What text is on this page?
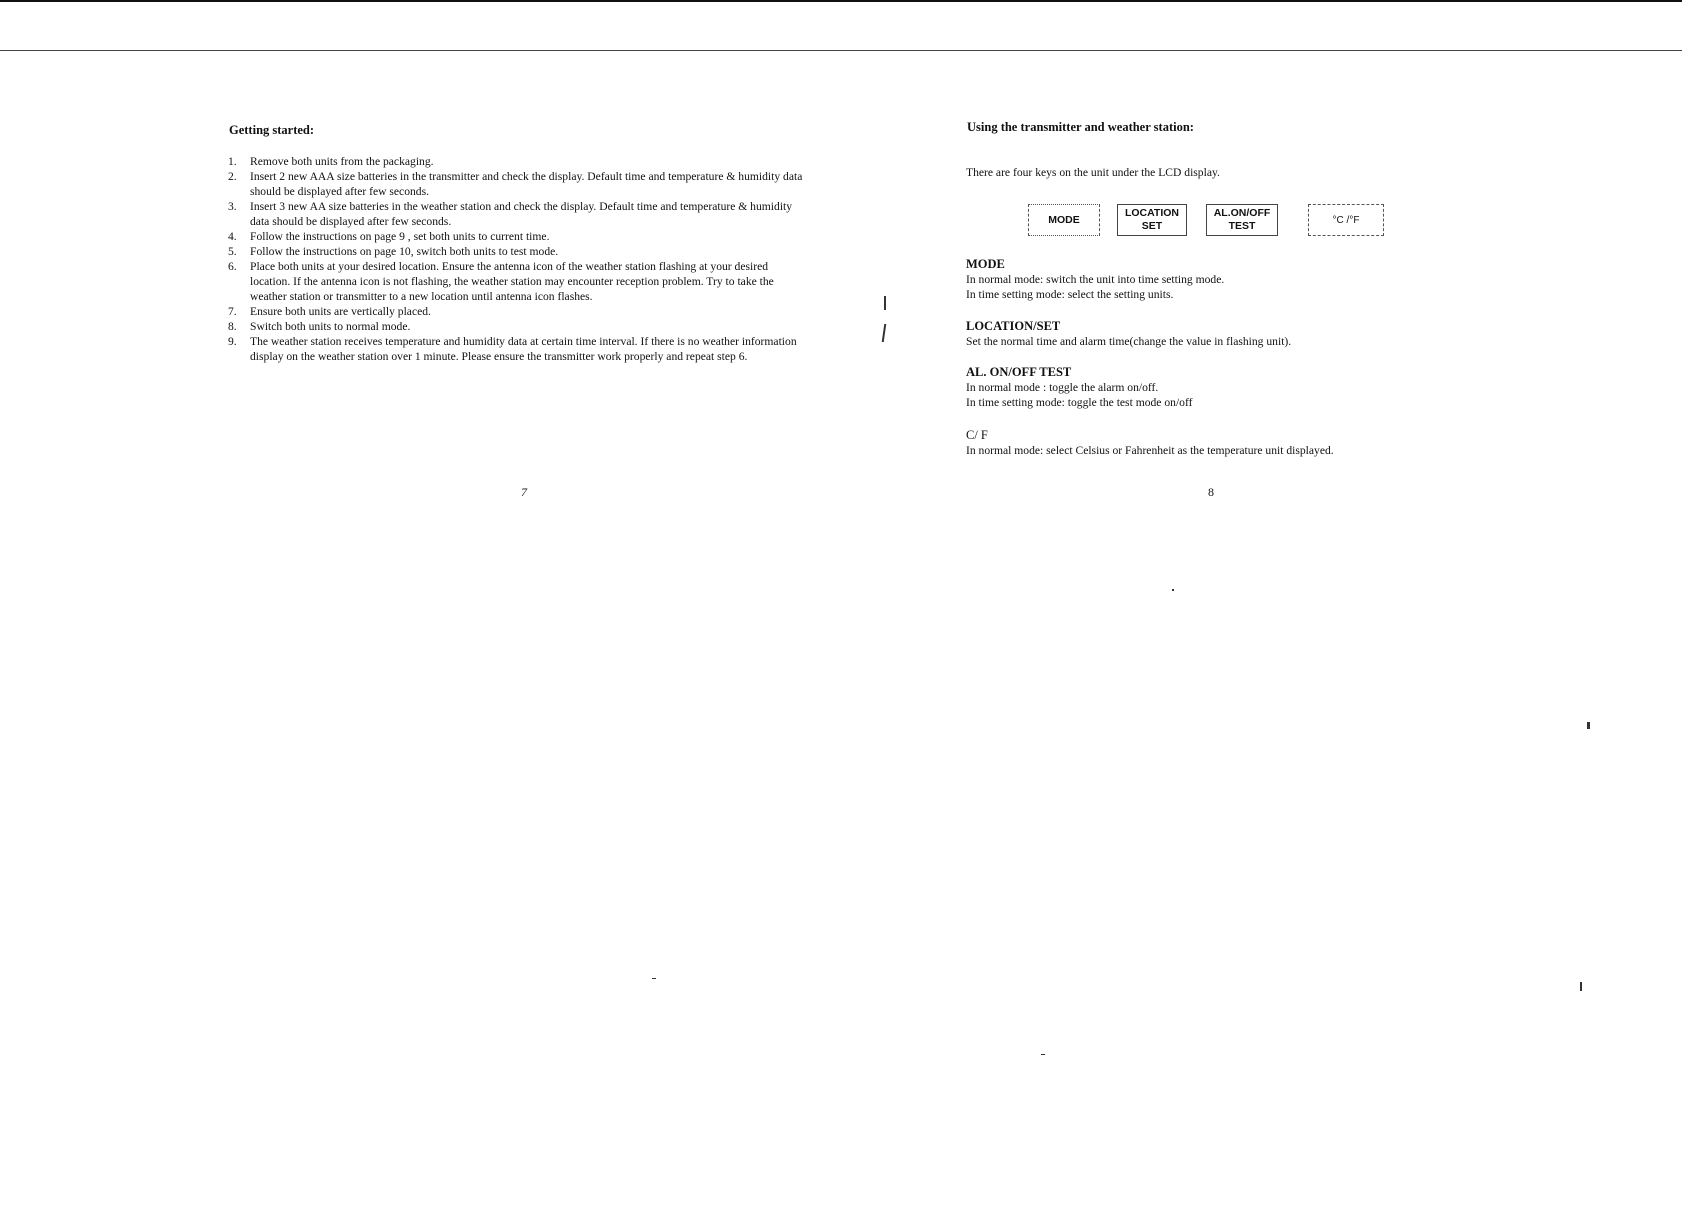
Getting started:
1.	Remove both units from the packaging.
2.	Insert 2 new AAA size batteries in the transmitter and check the display. Default time and temperature & humidity data should be displayed after few seconds.
3.	Insert 3 new AA size batteries in the weather station and check the display. Default time and temperature & humidity data should be displayed after few seconds.
4.	Follow the instructions on page 9 , set both units to current time.
5.	Follow the instructions on page 10, switch both units to test mode.
6.	Place both units at your desired location. Ensure the antenna icon of the weather station flashing at your desired location. If the antenna icon is not flashing, the weather station may encounter reception problem. Try to take the weather station or transmitter to a new location until antenna icon flashes.
7.	Ensure both units are vertically placed.
8.	Switch both units to normal mode.
9.	The weather station receives temperature and humidity data at certain time interval. If there is no weather information display on the weather station over 1 minute. Please ensure the transmitter work properly and repeat step 6.
7
Using the transmitter and weather station:
There are four keys on the unit under the LCD display.
MODE
LOCATION
SET
AL.ON/OFF
TEST	°C /°F
MODE
In normal mode: switch the unit into time setting mode.
In time setting mode: select the setting units.
LOCATION/SET
Set the normal time and alarm time(change the value in flashing unit).
AL. ON/OFF TEST
In normal mode : toggle the alarm on/off.
In time setting mode: toggle the test mode on/off
C/ F
In normal mode: select Celsius or Fahrenheit as the temperature unit displayed.
8
